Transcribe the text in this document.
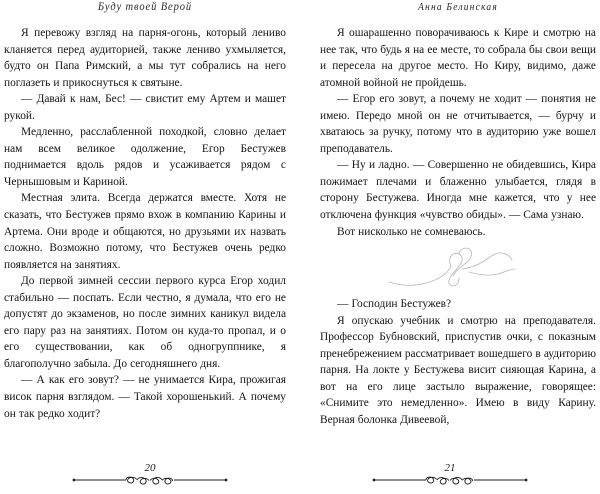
Буду твоей Верой

Я перевожу взгляд на парня-огонь, который лениво кланяется перед аудиторией, также лениво ухмыляется, будто он Папа Римский, а мы тут собрались на него поглазеть и прикоснуться к святыне.

— Давай к нам, Бес! — свистит ему Артем и машет рукой.

Медленно, расслабленной походкой, словно делает нам всем великое одолжение, Егор Бестужев поднимается вдоль рядов и усаживается рядом с Чернышовым и Кариной.

Местная элита. Всегда держатся вместе. Хотя не сказать, что Бестужев прямо вхож в компанию Карины и Артема. Они вроде и общаются, но друзьями их назвать сложно. Возможно потому, что Бестужев очень редко появляется на занятиях.

До первой зимней сессии первого курса Егор ходил стабильно — поспать. Если честно, я думала, что его не допустят до экзаменов, но после зимних каникул видела его пару раз на занятиях. Потом он куда-то пропал, и о его существовании, как об одногруппнике, я благополучно забыла. До сегодняшнего дня.

— А как его зовут? — не унимается Кира, прожигая висок парня взглядом. — Такой хорошенький. А почему он так редко ходит?

20
Анна Белинская

Я ошарашенно поворачиваюсь к Кире и смотрю на нее так, что будь я на ее месте, то собрала бы свои вещи и пересела на другое место. Но Киру, видимо, даже атомной войной не пройдешь.

— Егор его зовут, а почему не ходит — понятия не имею. Передо мной он не отчитывается, — бурчу и хватаюсь за ручку, потому что в аудиторию уже вошел преподаватель.

— Ну и ладно. — Совершенно не обидевшись, Кира пожимает плечами и блаженно улыбается, глядя в сторону Бестужева. Иногда мне кажется, что у нее отключена функция «чувство обиды». — Сама узнаю.

Вот нисколько не сомневаюсь.

— Господин Бестужев?

Я опускаю учебник и смотрю на преподавателя. Профессор Бубновский, приспустив очки, с показным пренебрежением рассматривает вошедшего в аудиторию парня. На локте у Бестужева висит сияющая Карина, а вот на его лице застыло выражение, говорящее: «Снимите это немедленно». Имею в виду Карину. Верная болонка Дивеевой,

21
